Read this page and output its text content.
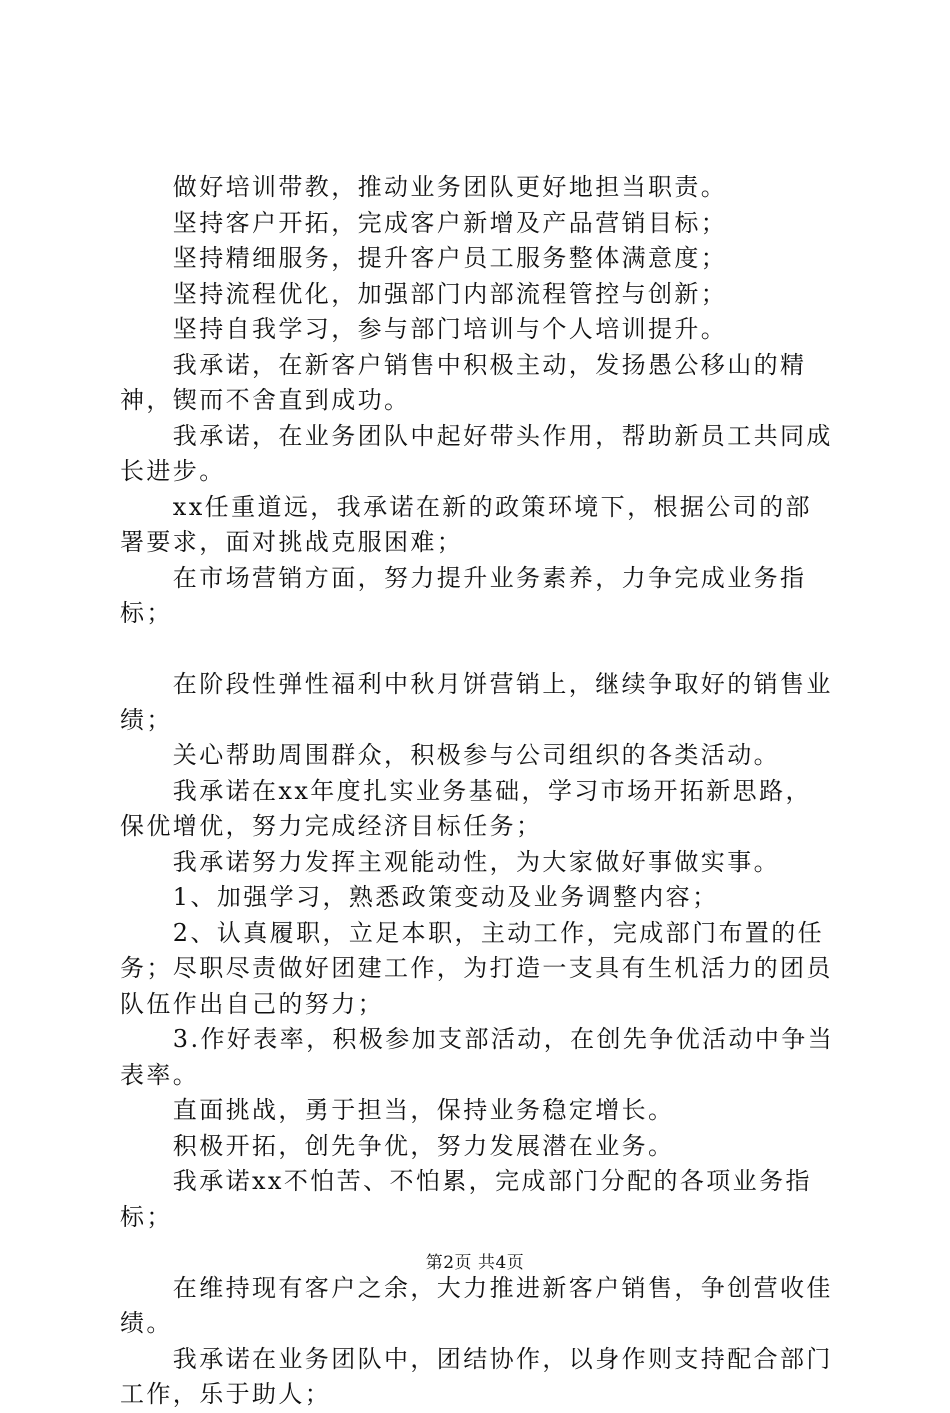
　　做好培训带教，推动业务团队更好地担当职责。

　　坚持客户开拓，完成客户新增及产品营销目标；

　　坚持精细服务，提升客户员工服务整体满意度；

　　坚持流程优化，加强部门内部流程管控与创新；

　　坚持自我学习，参与部门培训与个人培训提升。

　　我承诺，在新客户销售中积极主动，发扬愚公移山的精神，锲而不舍直到成功。

　　我承诺，在业务团队中起好带头作用，帮助新员工共同成长进步。

　　xx任重道远，我承诺在新的政策环境下，根据公司的部署要求，面对挑战克服困难；

　　在市场营销方面，努力提升业务素养，力争完成业务指标；

　　在阶段性弹性福利中秋月饼营销上，继续争取好的销售业绩；

　　关心帮助周围群众，积极参与公司组织的各类活动。

　　我承诺在xx年度扎实业务基础，学习市场开拓新思路，保优增优，努力完成经济目标任务；

　　我承诺努力发挥主观能动性，为大家做好事做实事。

　　1、加强学习，熟悉政策变动及业务调整内容；

　　2、认真履职，立足本职，主动工作，完成部门布置的任务；尽职尽责做好团建工作，为打造一支具有生机活力的团员队伍作出自己的努力；

　　3.作好表率，积极参加支部活动，在创先争优活动中争当表率。

　　直面挑战，勇于担当，保持业务稳定增长。

　　积极开拓，创先争优，努力发展潜在业务。

　　我承诺xx不怕苦、不怕累，完成部门分配的各项业务指标；

　　在维持现有客户之余，大力推进新客户销售，争创营收佳绩。

　　我承诺在业务团队中，团结协作，以身作则支持配合部门工作，乐于助人；

第2页 共4页
